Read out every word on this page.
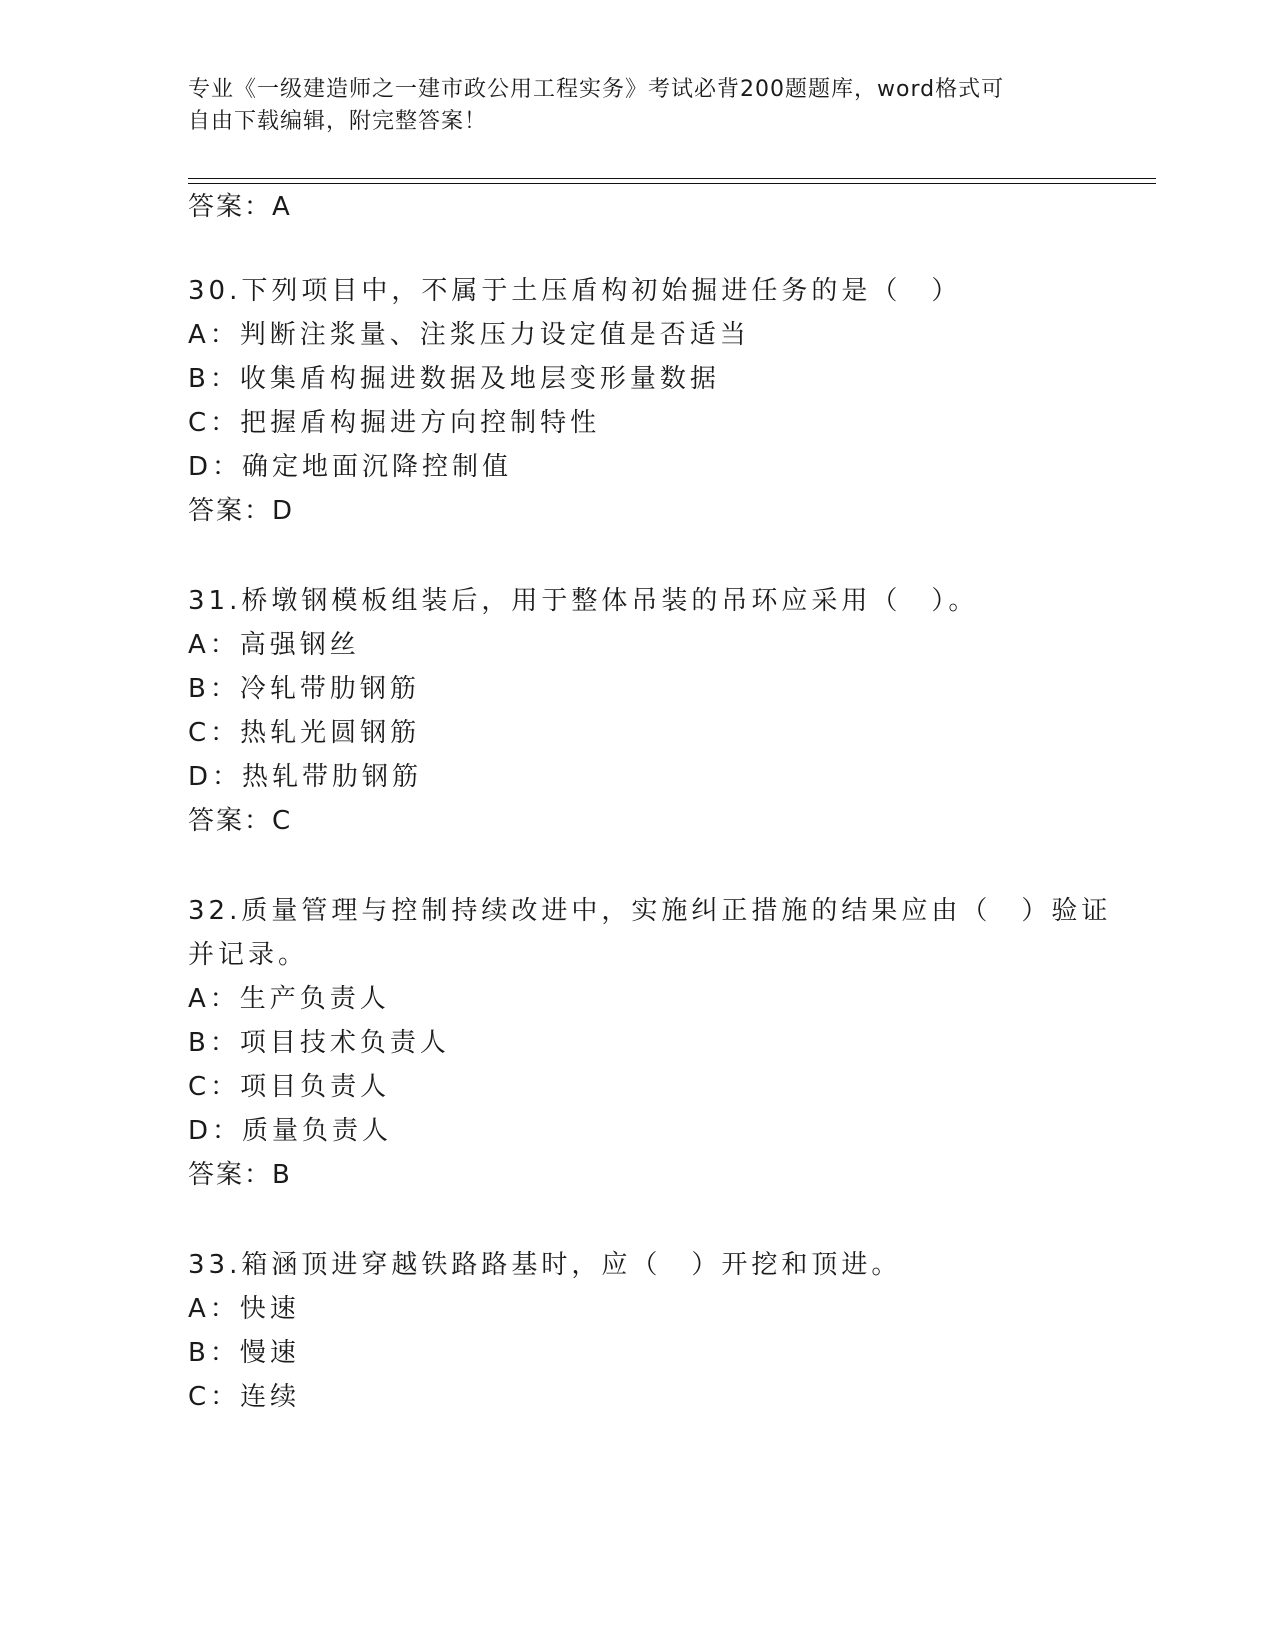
专业《一级建造师之一建市政公用工程实务》考试必背200题题库，word格式可
自由下载编辑，附完整答案！
答案：A
30.下列项目中，不属于土压盾构初始掘进任务的是（　）
A：判断注浆量、注浆压力设定值是否适当
B：收集盾构掘进数据及地层变形量数据
C：把握盾构掘进方向控制特性
D：确定地面沉降控制值
答案：D
31.桥墩钢模板组装后，用于整体吊装的吊环应采用（　）。
A：高强钢丝
B：冷轧带肋钢筋
C：热轧光圆钢筋
D：热轧带肋钢筋
答案：C
32.质量管理与控制持续改进中，实施纠正措施的结果应由（　）验证
并记录。
A：生产负责人
B：项目技术负责人
C：项目负责人
D：质量负责人
答案：B
33.箱涵顶进穿越铁路路基时，应（　）开挖和顶进。
A：快速
B：慢速
C：连续
